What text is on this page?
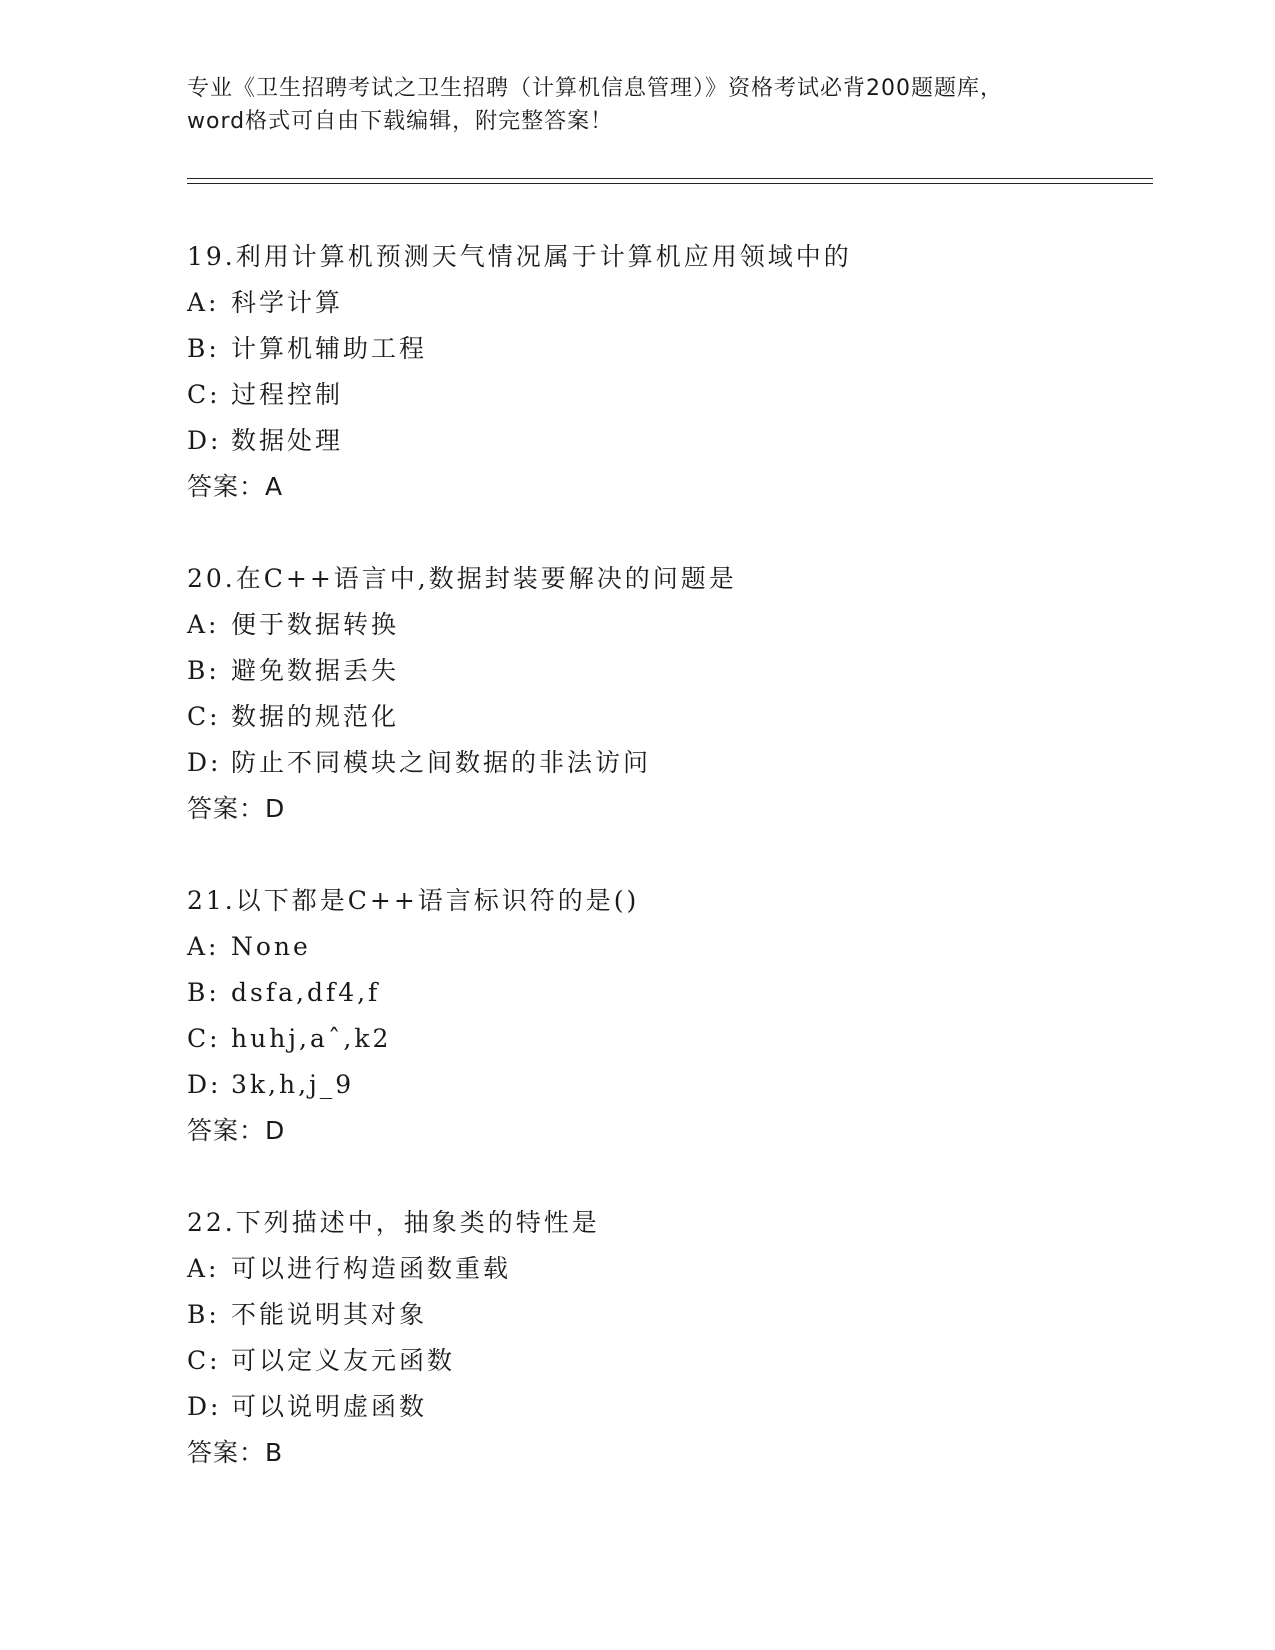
专业《卫生招聘考试之卫生招聘（计算机信息管理）》资格考试必背200题题库，
word格式可自由下载编辑，附完整答案！
19.利用计算机预测天气情况属于计算机应用领域中的
A: 科学计算
B: 计算机辅助工程
C: 过程控制
D: 数据处理
答案：A
20.在C++语言中,数据封装要解决的问题是
A: 便于数据转换
B: 避免数据丢失
C: 数据的规范化
D: 防止不同模块之间数据的非法访问
答案：D
21.以下都是C++语言标识符的是()
A: None
B: dsfa,df4,f
C: huhj,aˆ,k2
D: 3k,h,j_9
答案：D
22.下列描述中，抽象类的特性是
A: 可以进行构造函数重载
B: 不能说明其对象
C: 可以定义友元函数
D: 可以说明虚函数
答案：B
